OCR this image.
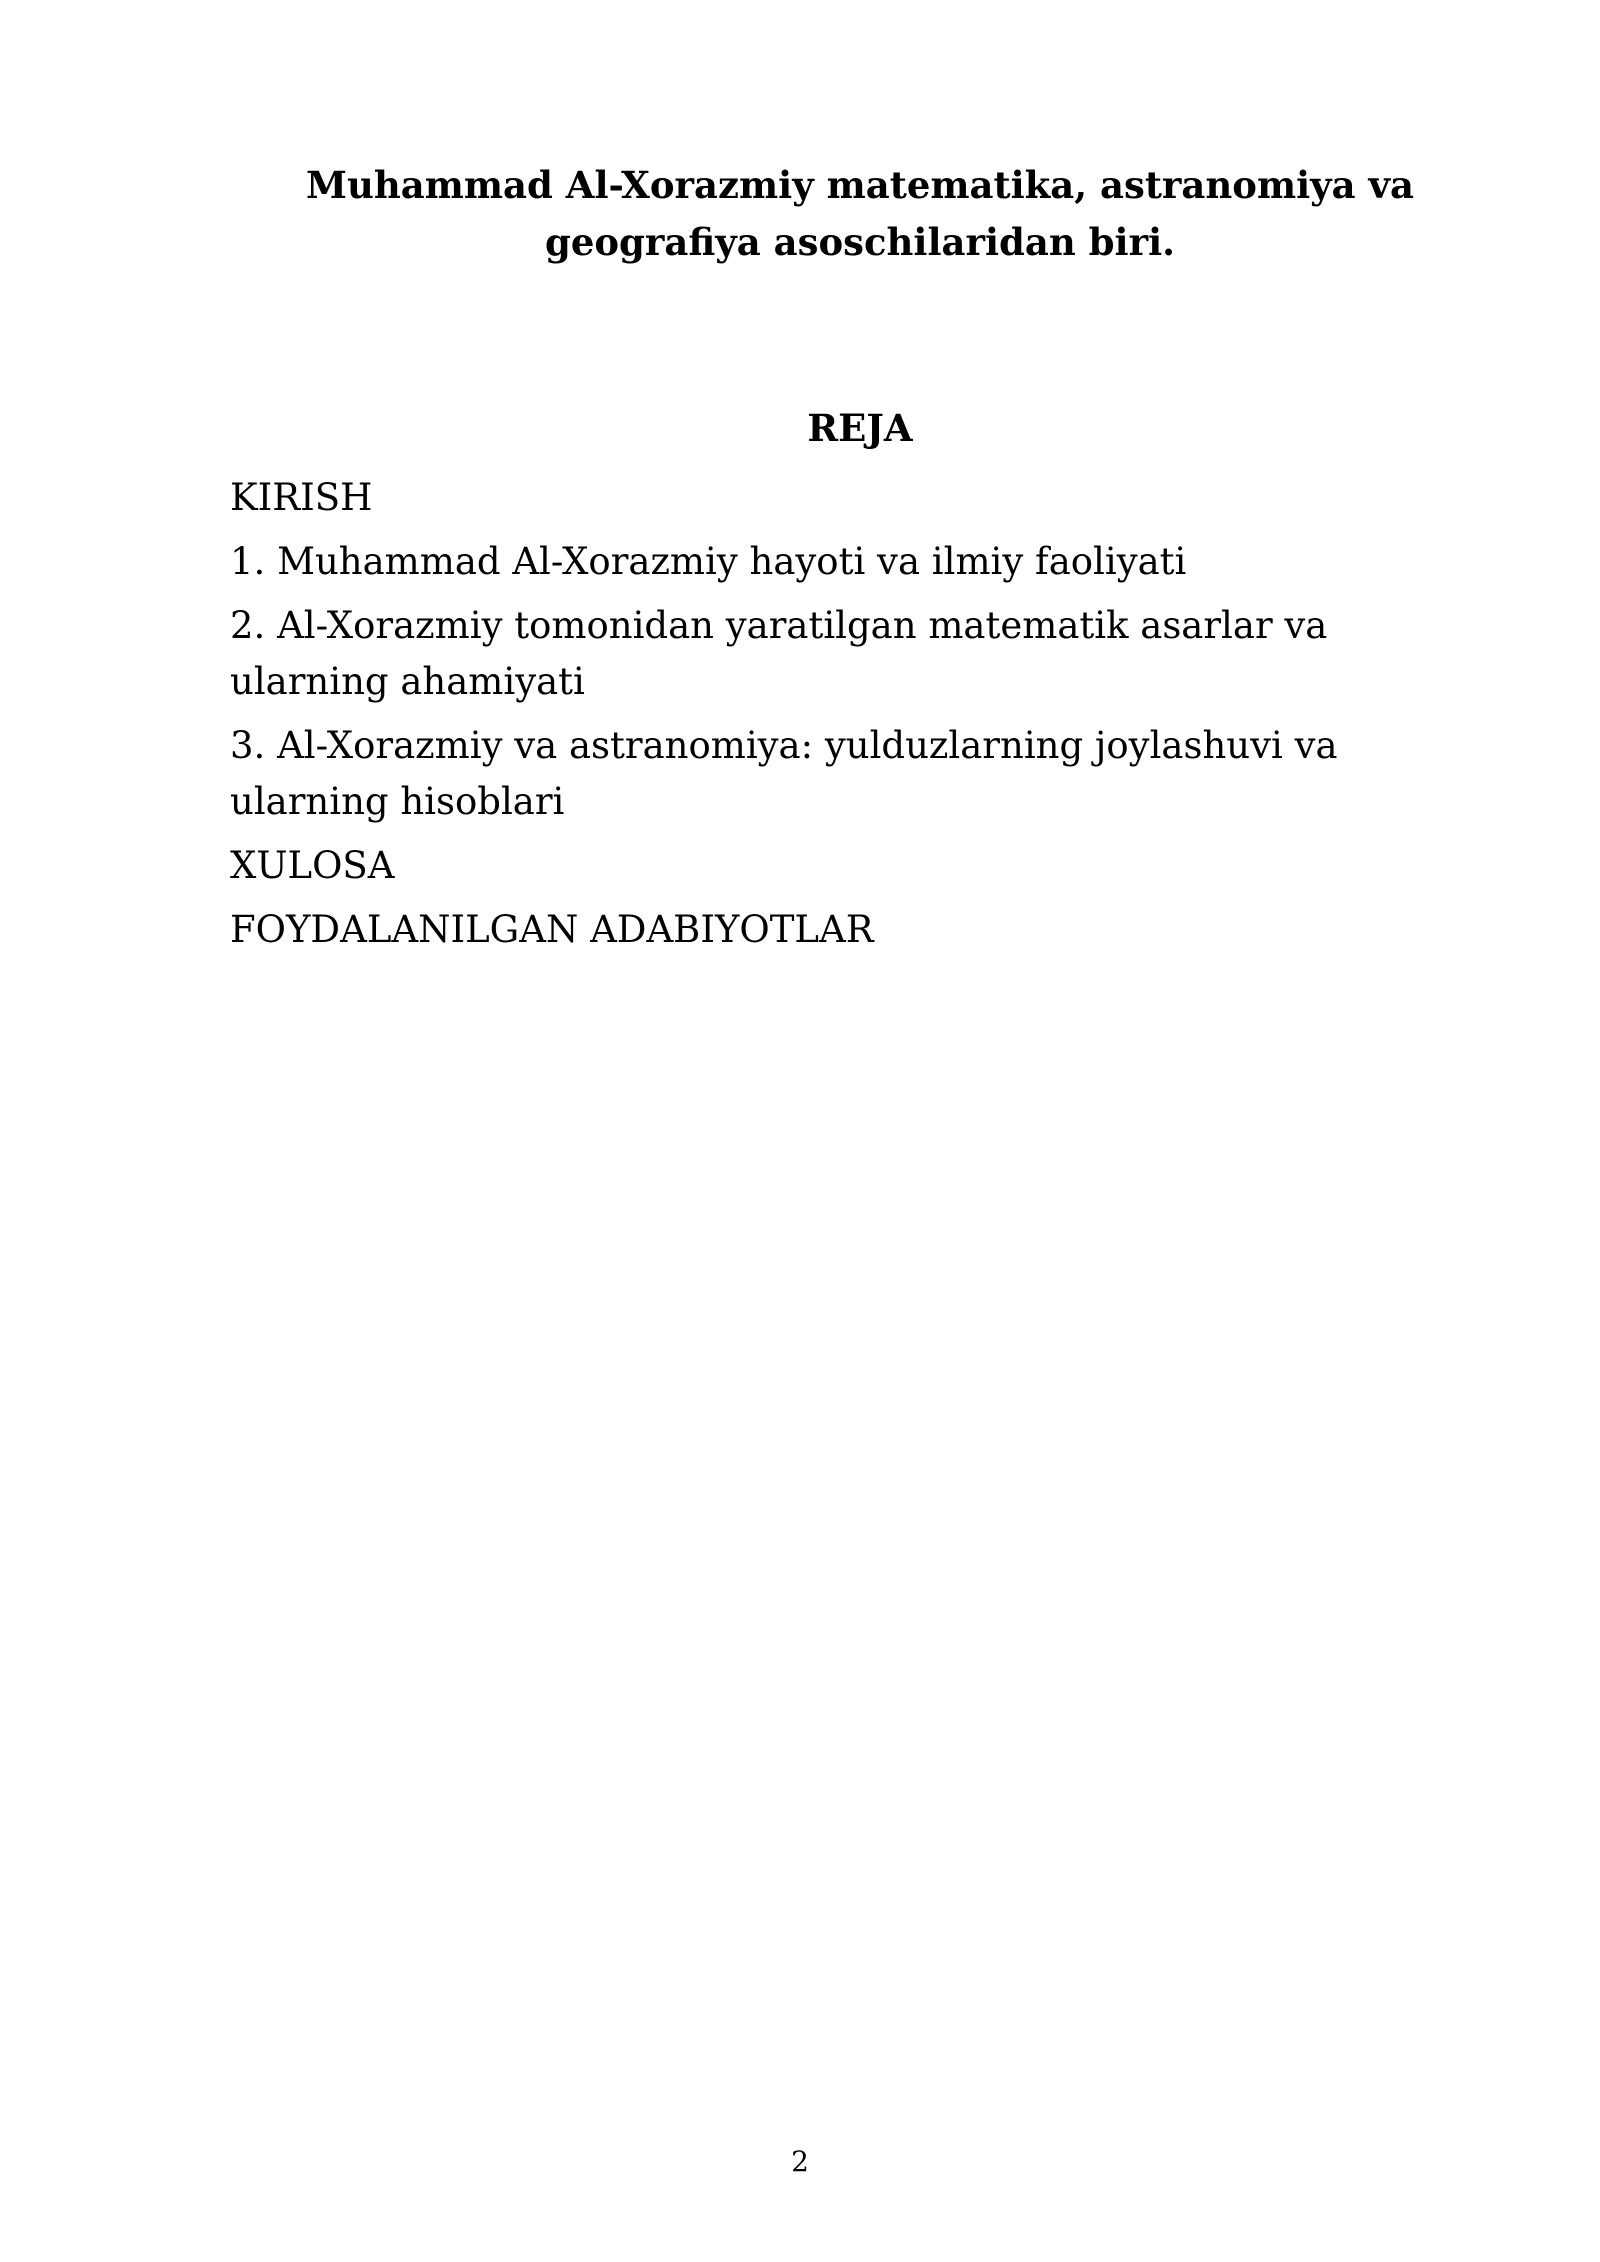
Muhammad Al-Xorazmiy matematika, astranomiya va geografiya asoschilaridan biri.
REJA
KIRISH
1. Muhammad Al-Xorazmiy hayoti va ilmiy faoliyati
2. Al-Xorazmiy tomonidan yaratilgan matematik asarlar va ularning ahamiyati
3. Al-Xorazmiy va astranomiya: yulduzlarning joylashuvi va ularning hisoblari
XULOSA
FOYDALANILGAN ADABIYOTLAR
2
